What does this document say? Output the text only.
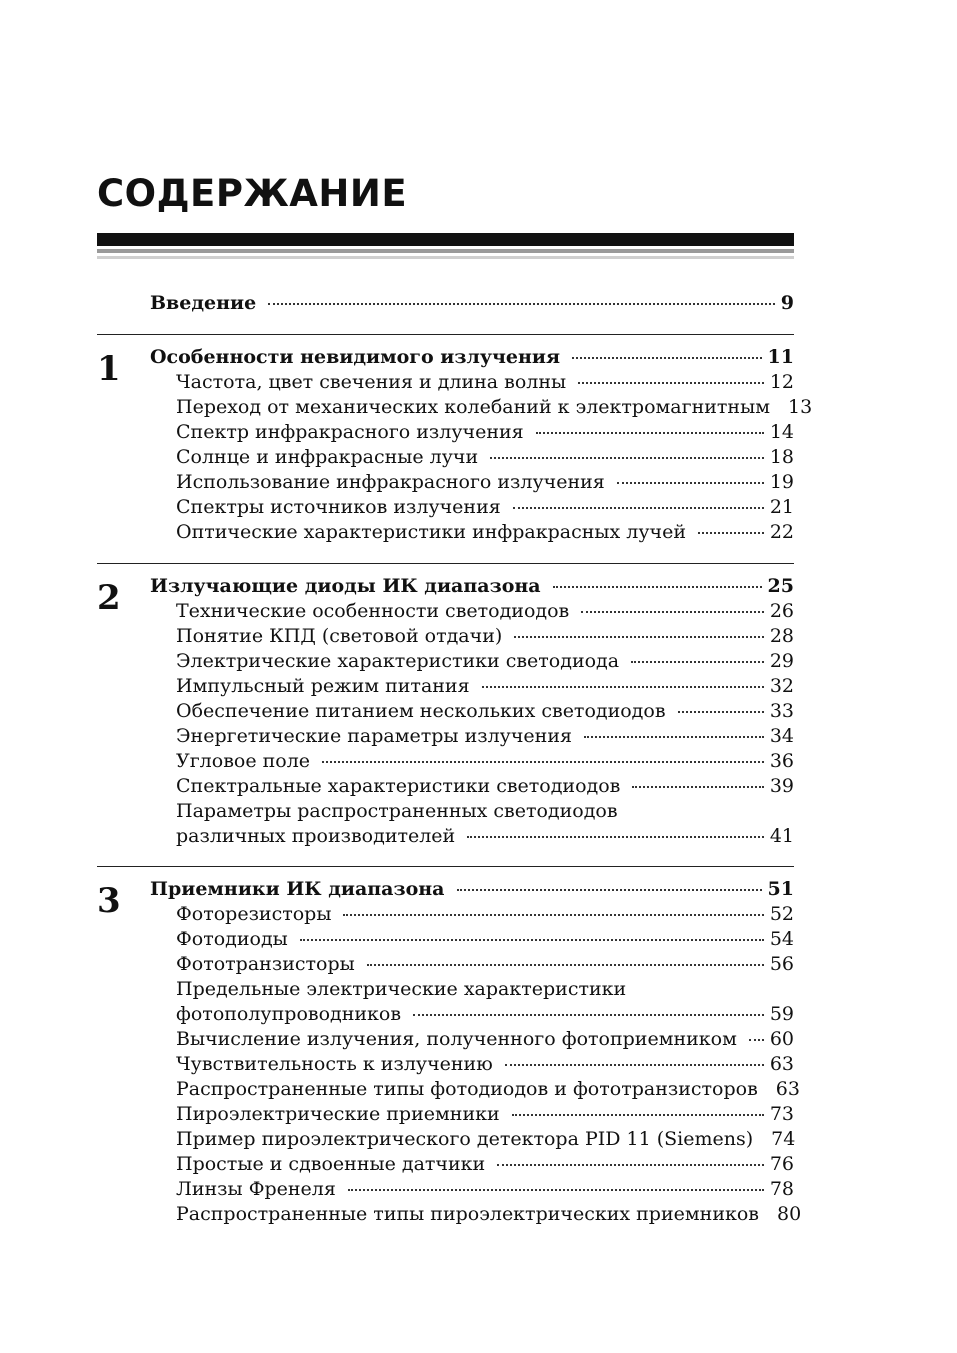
СОДЕРЖАНИЕ
Введение	9
1 Особенности невидимого излучения	11
Частота, цвет свечения и длина волны	12
Переход от механических колебаний к электромагнитным 13
Спектр инфракрасного излучения	14
Солнце и инфракрасные лучи	18
Использование инфракрасного излучения	19
Спектры источников излучения	21
Оптические характеристики инфракрасных лучей	22
2 Излучающие диоды ИК диапазона	25
Технические особенности светодиодов	26
Понятие КПД (световой отдачи)	28
Электрические характеристики светодиода	29
Импульсный режим питания	32
Обеспечение питанием нескольких светодиодов	33
Энергетические параметры излучения	34
Угловое поле	36
Спектральные характеристики светодиодов	39
Параметры распространенных светодиодов
различных производителей	41
3 Приемники ИК диапазона	51
Фоторезисторы	52
Фотодиоды	54
Фототранзисторы	56
Предельные электрические характеристики
фотополупроводников	59
Вычисление излучения, полученного фотоприемником 60
Чувствительность к излучению	63
Распространенные типы фотодиодов и фототранзисторов 63
Пироэлектрические приемники	73
Пример пироэлектрического детектора PID 11 (Siemens) 74
Простые и сдвоенные датчики	76
Линзы Френеля	78
Распространенные типы пироэлектрических приемников 80
